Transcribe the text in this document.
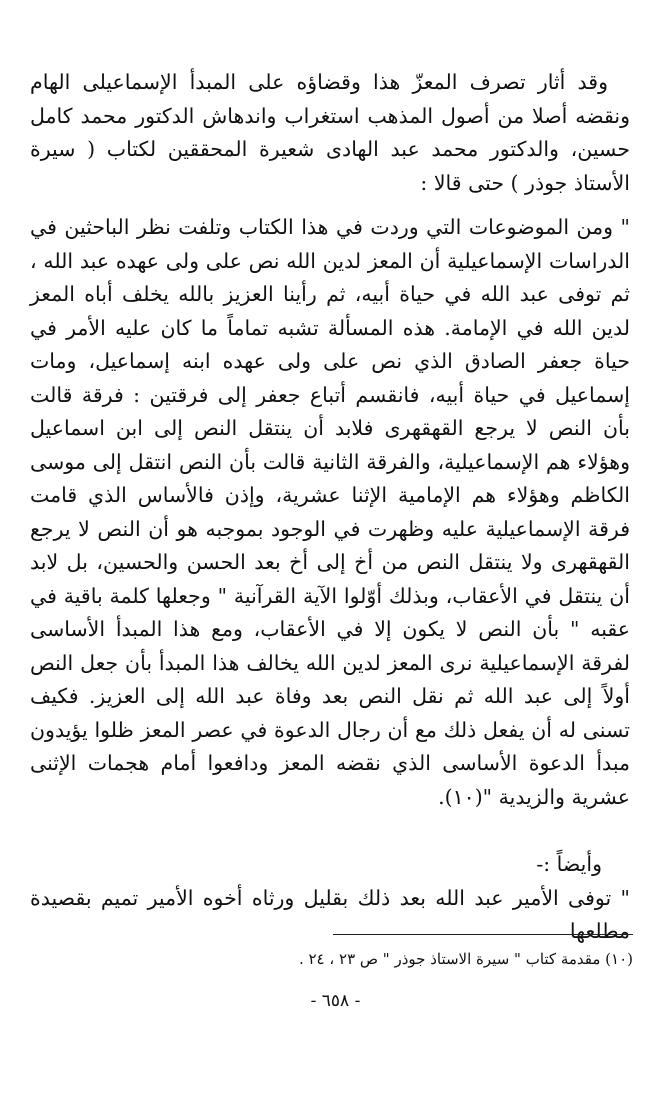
وقد أثار تصرف المعزّ هذا وقضاؤه على المبدأ الإسماعيلى الهام ونقضه أصلا من أصول المذهب استغراب واندهاش الدكتور محمد كامل حسين، والدكتور محمد عبد الهادى شعيرة المحققين لكتاب ( سيرة الأستاذ جوذر ) حتى قالا :

" ومن الموضوعات التي وردت في هذا الكتاب وتلفت نظر الباحثين في الدراسات الإسماعيلية أن المعز لدين الله نص على ولى عهده عبد الله ، ثم توفى عبد الله في حياة أبيه، ثم رأينا العزيز بالله يخلف أباه المعز لدين الله في الإمامة. هذه المسألة تشبه تماماً ما كان عليه الأمر في حياة جعفر الصادق الذي نص على ولى عهده ابنه إسماعيل، ومات إسماعيل في حياة أبيه، فانقسم أتباع جعفر إلى فرقتين : فرقة قالت بأن النص لا يرجع القهقهرى فلابد أن ينتقل النص إلى ابن اسماعيل وهؤلاء هم الإسماعيلية، والفرقة الثانية قالت بأن النص انتقل إلى موسى الكاظم وهؤلاء هم الإمامية الإثنا عشرية، وإذن فالأساس الذي قامت فرقة الإسماعيلية عليه وظهرت في الوجود بموجبه هو أن النص لا يرجع القهقهرى ولا ينتقل النص من أخ إلى أخ بعد الحسن والحسين، بل لابد أن ينتقل في الأعقاب، وبذلك أوّلوا الآية القرآنية " وجعلها كلمة باقية في عقبه " بأن النص لا يكون إلا في الأعقاب، ومع هذا المبدأ الأساسى لفرقة الإسماعيلية نرى المعز لدين الله يخالف هذا المبدأ بأن جعل النص أولاً إلى عبد الله ثم نقل النص بعد وفاة عبد الله إلى العزيز. فكيف تسنى له أن يفعل ذلك مع أن رجال الدعوة في عصر المعز ظلوا يؤيدون مبدأ الدعوة الأساسى الذي نقضه المعز ودافعوا أمام هجمات الإثنى عشرية والزيدية "(١٠).

وأيضاً :-

" توفى الأمير عبد الله بعد ذلك بقليل ورثاه أخوه الأمير تميم بقصيدة مطلعها

(١٠) مقدمة كتاب " سيرة الاستاذ جوذر " ص ٢٣ ، ٢٤ .
- ٦٥٨ -
